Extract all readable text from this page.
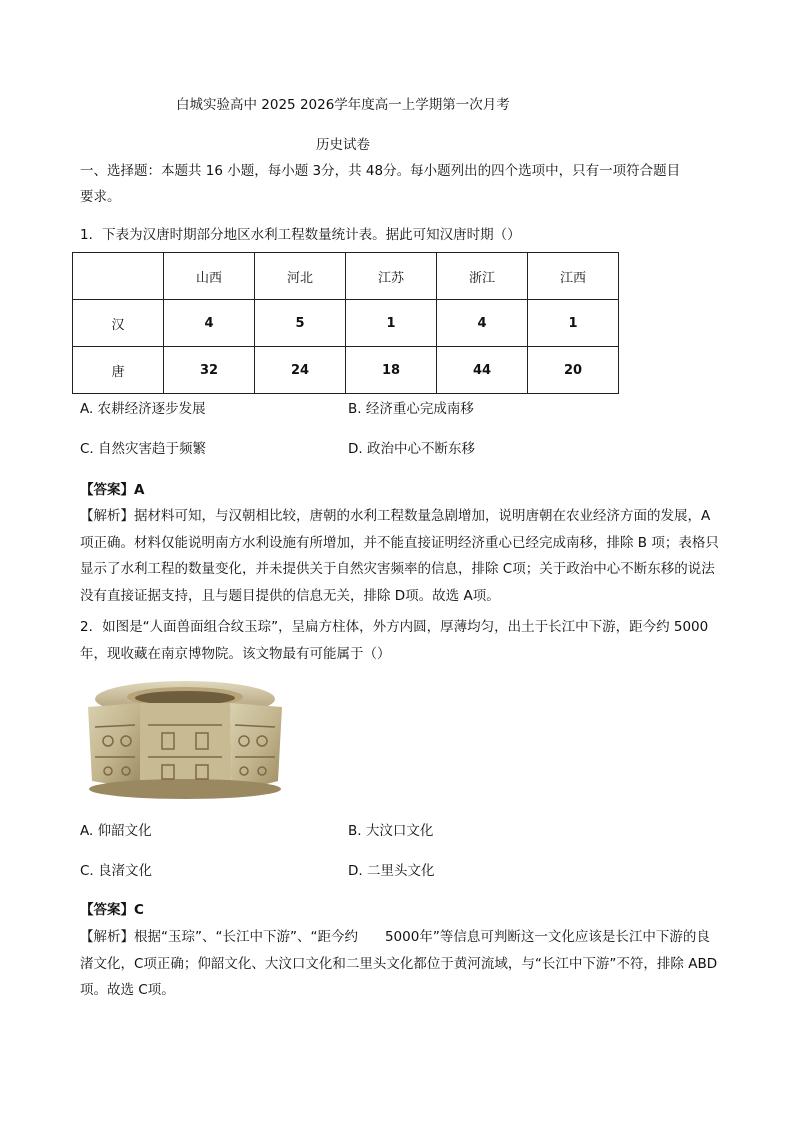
白城实验高中 2025 2026学年度高一上学期第一次月考
历史试卷
一、选择题：本题共 16 小题，每小题 3分，共 48分。每小题列出的四个选项中，只有一项符合题目
要求。
1．下表为汉唐时期部分地区水利工程数量统计表。据此可知汉唐时期（）
	山西	河北	江苏	浙江	江西
汉	4	5	1	4	1
唐	32	24	18	44	20
A. 农耕经济逐步发展	B. 经济重心完成南移
C. 自然灾害趋于频繁	D. 政治中心不断东移
【答案】A
【解析】据材料可知，与汉朝相比较，唐朝的水利工程数量急剧增加，说明唐朝在农业经济方面的发展，A项正确。材料仅能说明南方水利设施有所增加，并不能直接证明经济重心已经完成南移，排除 B 项；表格只显示了水利工程的数量变化，并未提供关于自然灾害频率的信息，排除 C项；关于政治中心不断东移的说法没有直接证据支持，且与题目提供的信息无关，排除 D项。故选 A项。
2．如图是“人面兽面组合纹玉琮”，呈扁方柱体，外方内圆，厚薄均匀，出土于长江中下游，距今约 5000 年，现收藏在南京博物院。该文物最有可能属于（）
A. 仰韶文化	B. 大汶口文化
C. 良渚文化	D. 二里头文化
【答案】C
【解析】根据“玉琮”、“长江中下游”、“距今约　　5000年”等信息可判断这一文化应该是长江中下游的良渚文化，C项正确；仰韶文化、大汶口文化和二里头文化都位于黄河流域，与“长江中下游”不符，排除 ABD项。故选 C项。
